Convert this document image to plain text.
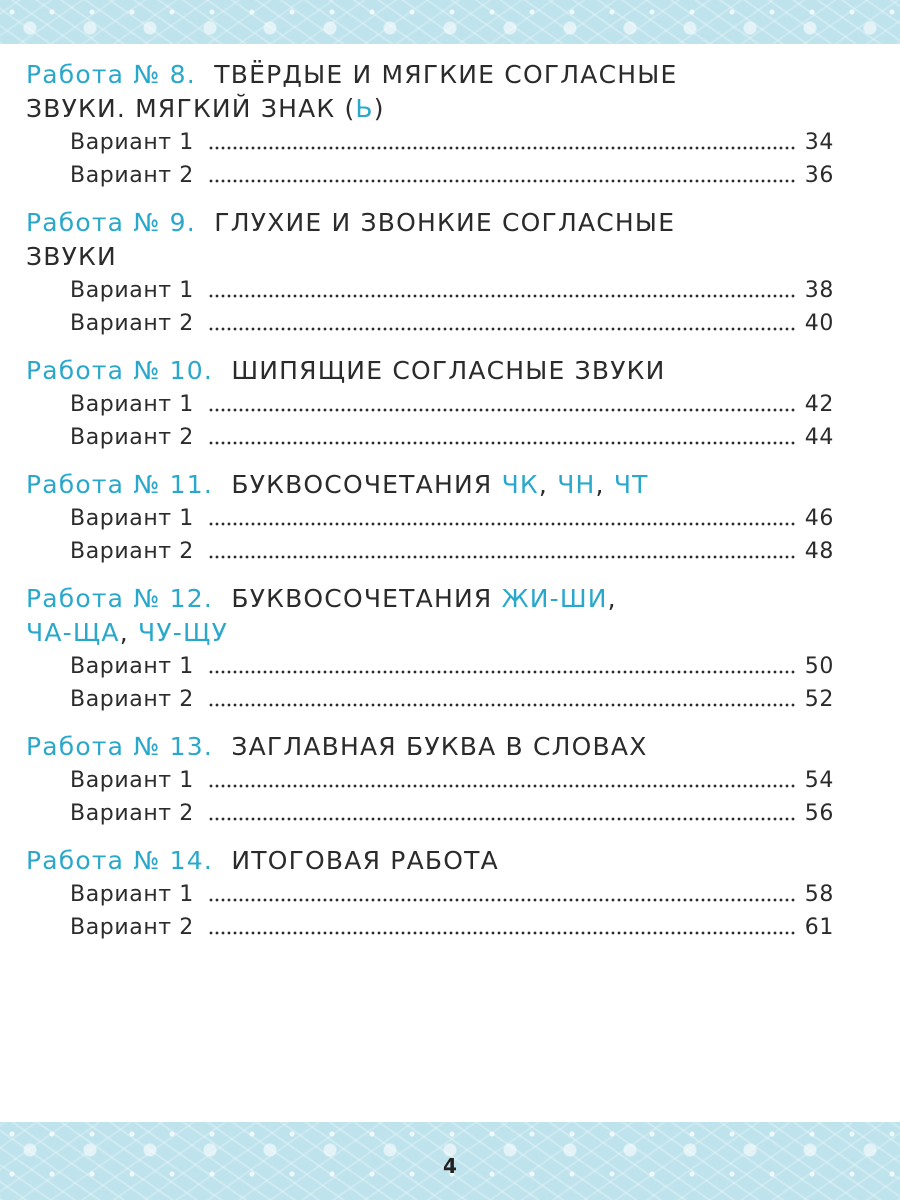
Работа № 8. ТВЁРДЫЕ И МЯГКИЕ СОГЛАСНЫЕ
ЗВУКИ. МЯГКИЙ ЗНАК (Ь)
Вариант 1	34
Вариант 2	36
Работа № 9. ГЛУХИЕ И ЗВОНКИЕ СОГЛАСНЫЕ
ЗВУКИ
Вариант 1	38
Вариант 2	40
Работа № 10. ШИПЯЩИЕ СОГЛАСНЫЕ ЗВУКИ
Вариант 1	42
Вариант 2	44
Работа № 11. БУКВОСОЧЕТАНИЯ ЧК, ЧН, ЧТ
Вариант 1	46
Вариант 2	48
Работа № 12. БУКВОСОЧЕТАНИЯ ЖИ-ШИ,
ЧА-ЩА, ЧУ-ЩУ
Вариант 1	50
Вариант 2	52
Работа № 13. ЗАГЛАВНАЯ БУКВА В СЛОВАХ
Вариант 1	54
Вариант 2	56
Работа № 14. ИТОГОВАЯ РАБОТА
Вариант 1	58
Вариант 2	61
4
